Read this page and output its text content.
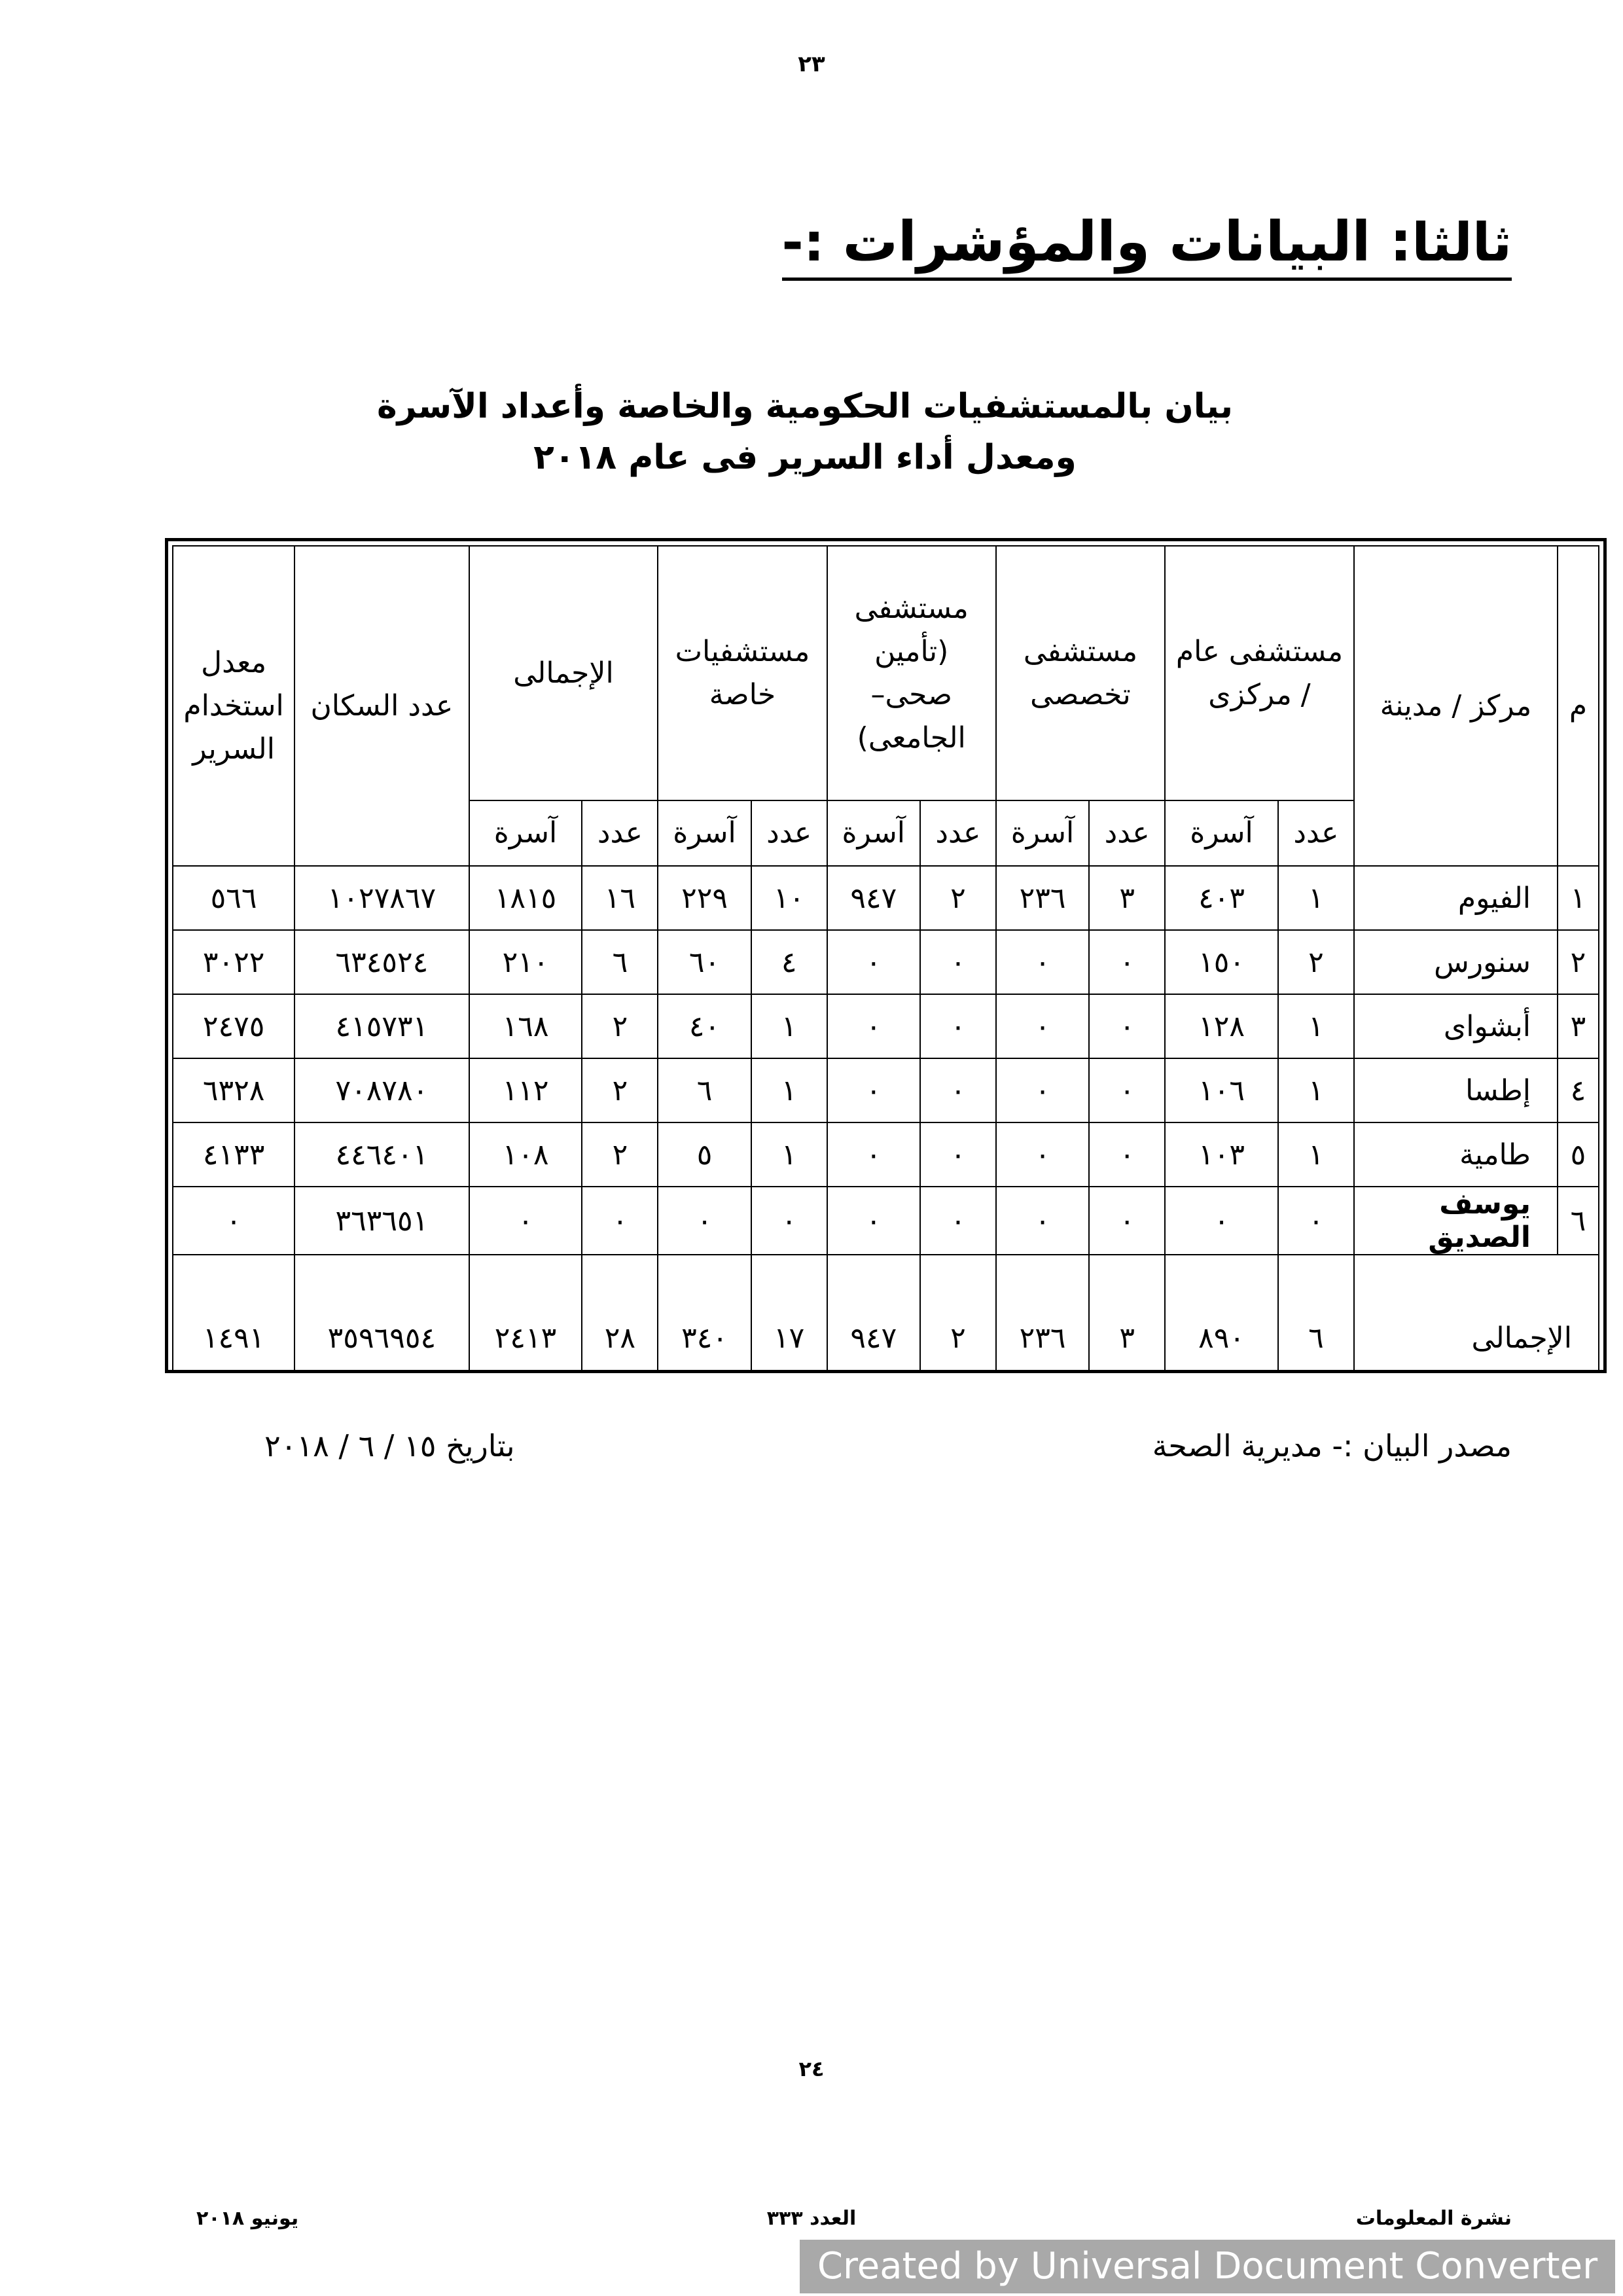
٢٣
ثالثا: البيانات والمؤشرات :-
بيان بالمستشفيات الحكومية والخاصة وأعداد الآسرة
ومعدل أداء السرير فى عام ٢٠١٨
م	مركز / مدينة	مستشفى عام / مركزى		مستشفى تخصصى		مستشفى (تأمين صحى– الجامعى)		مستشفيات خاصة		الإجمالى		عدد السكان	معدل استخدام السرير
		عدد	آسرة	عدد	آسرة	عدد	آسرة	عدد	آسرة	عدد	آسرة		
١	الفيوم	١	٤٠٣	٣	٢٣٦	٢	٩٤٧	١٠	٢٢٩	١٦	١٨١٥	١٠٢٧٨٦٧	٥٦٦
٢	سنورس	٢	١٥٠	٠	٠	٠	٠	٤	٦٠	٦	٢١٠	٦٣٤٥٢٤	٣٠٢٢
٣	أبشواى	١	١٢٨	٠	٠	٠	٠	١	٤٠	٢	١٦٨	٤١٥٧٣١	٢٤٧٥
٤	إطسا	١	١٠٦	٠	٠	٠	٠	١	٦	٢	١١٢	٧٠٨٧٨٠	٦٣٢٨
٥	طامية	١	١٠٣	٠	٠	٠	٠	١	٥	٢	١٠٨	٤٤٦٤٠١	٤١٣٣
٦	يوسف الصديق	٠	٠	٠	٠	٠	٠	٠	٠	٠	٠	٣٦٣٦٥١	٠
الإجمالى		٦	٨٩٠	٣	٢٣٦	٢	٩٤٧	١٧	٣٤٠	٢٨	٢٤١٣	٣٥٩٦٩٥٤	١٤٩١
مصدر البيان :- مديرية الصحة
بتاريخ ١٥ / ٦ / ٢٠١٨
٢٤
نشرة المعلومات
العدد ٣٣٣
يونيو ٢٠١٨
Created by Universal Document Converter
